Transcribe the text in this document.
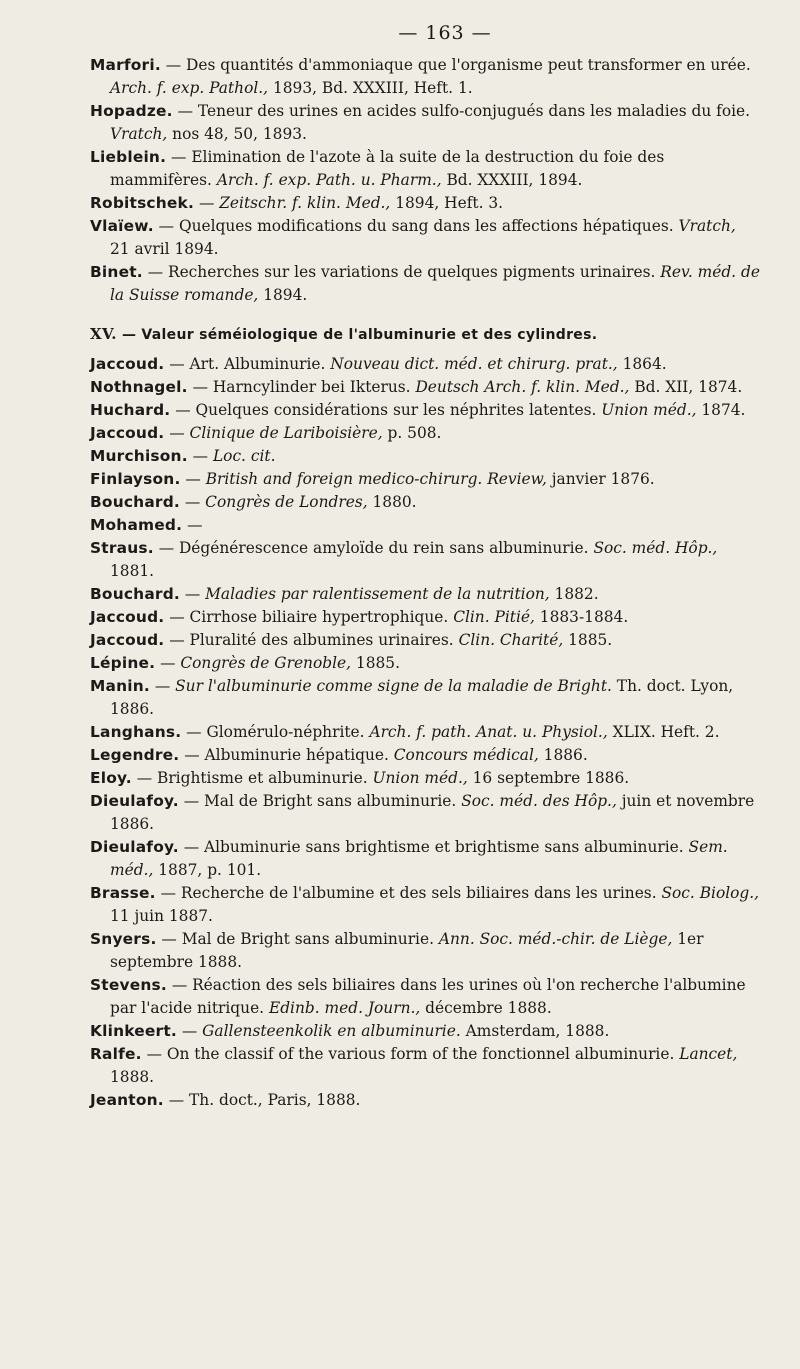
— 163 —

Marfori. — Des quantités d'ammoniaque que l'organisme peut transformer en urée. Arch. f. exp. Pathol., 1893, Bd. XXXIII, Heft. 1.

Hopadze. — Teneur des urines en acides sulfo-conjugués dans les maladies du foie. Vratch, nos 48, 50, 1893.

Lieblein. — Elimination de l'azote à la suite de la destruction du foie des mammifères. Arch. f. exp. Path. u. Pharm., Bd. XXXIII, 1894.

Robitschek. — Zeitschr. f. klin. Med., 1894, Heft. 3.

Vlaïew. — Quelques modifications du sang dans les affections hépatiques. Vratch, 21 avril 1894.

Binet. — Recherches sur les variations de quelques pigments urinaires. Rev. méd. de la Suisse romande, 1894.

XV. — Valeur séméiologique de l'albuminurie et des cylindres.

Jaccoud. — Art. Albuminurie. Nouveau dict. méd. et chirurg. prat., 1864.

Nothnagel. — Harncylinder bei Ikterus. Deutsch Arch. f. klin. Med., Bd. XII, 1874.

Huchard. — Quelques considérations sur les néphrites latentes. Union méd., 1874.

Jaccoud. — Clinique de Lariboisière, p. 508.

Murchison. — Loc. cit.

Finlayson. — British and foreign medico-chirurg. Review, janvier 1876.

Bouchard. — Congrès de Londres, 1880.

Mohamed. —

Straus. — Dégénérescence amyloïde du rein sans albuminurie. Soc. méd. Hôp., 1881.

Bouchard. — Maladies par ralentissement de la nutrition, 1882.

Jaccoud. — Cirrhose biliaire hypertrophique. Clin. Pitié, 1883-1884.

Jaccoud. — Pluralité des albumines urinaires. Clin. Charité, 1885.

Lépine. — Congrès de Grenoble, 1885.

Manin. — Sur l'albuminurie comme signe de la maladie de Bright. Th. doct. Lyon, 1886.

Langhans. — Glomérulo-néphrite. Arch. f. path. Anat. u. Physiol., XLIX. Heft. 2.

Legendre. — Albuminurie hépatique. Concours médical, 1886.

Eloy. — Brightisme et albuminurie. Union méd., 16 septembre 1886.

Dieulafoy. — Mal de Bright sans albuminurie. Soc. méd. des Hôp., juin et novembre 1886.

Dieulafoy. — Albuminurie sans brightisme et brightisme sans albuminurie. Sem. méd., 1887, p. 101.

Brasse. — Recherche de l'albumine et des sels biliaires dans les urines. Soc. Biolog., 11 juin 1887.

Snyers. — Mal de Bright sans albuminurie. Ann. Soc. méd.-chir. de Liège, 1er septembre 1888.

Stevens. — Réaction des sels biliaires dans les urines où l'on recherche l'albumine par l'acide nitrique. Edinb. med. Journ., décembre 1888.

Klinkeert. — Gallensteenkolik en albuminurie. Amsterdam, 1888.

Ralfe. — On the classif of the various form of the fonctionnel albuminurie. Lancet, 1888.

Jeanton. — Th. doct., Paris, 1888.
